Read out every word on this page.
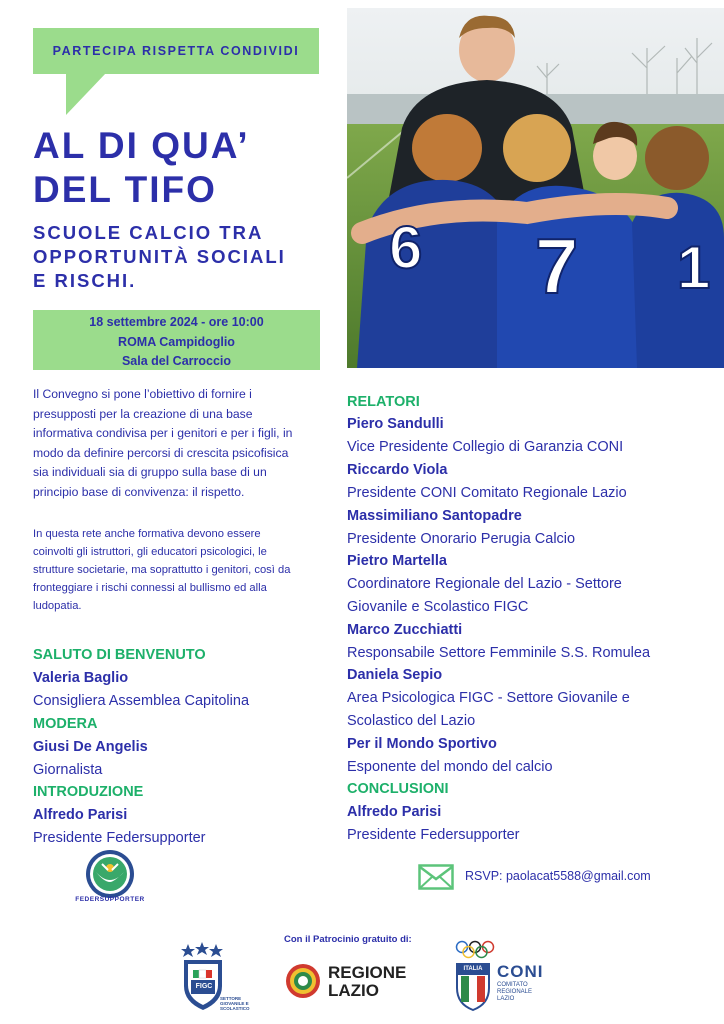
PARTECIPA RISPETTA CONDIVIDI
AL DI QUA’
DEL TIFO
SCUOLE CALCIO TRA
OPPORTUNITÀ SOCIALI
E RISCHI.
18 settembre 2024 - ore 10:00
ROMA Campidoglio
Sala del Carroccio
6 7 1
Il Convegno si pone l’obiettivo di fornire i presupposti per la creazione di una base informativa condivisa per i genitori e per i figli, in modo da definire percorsi di crescita psicofisica sia individuali sia di gruppo sulla base di un principio base di convivenza: il rispetto.
In questa rete anche formativa devono essere coinvolti gli istruttori, gli educatori psicologici, le strutture societarie, ma soprattutto i genitori, così da fronteggiare i rischi connessi al bullismo ed alla ludopatia.
SALUTO DI BENVENUTO
Valeria Baglio
Consigliera Assemblea Capitolina
MODERA
Giusi De Angelis
Giornalista
INTRODUZIONE
Alfredo Parisi
Presidente Federsupporter
RELATORI
Piero Sandulli
Vice Presidente Collegio di Garanzia CONI
Riccardo Viola
Presidente CONI Comitato Regionale Lazio
Massimiliano Santopadre
Presidente Onorario Perugia Calcio
Pietro Martella
Coordinatore Regionale del Lazio - Settore
Giovanile e Scolastico FIGC
Marco Zucchiatti
Responsabile Settore Femminile S.S. Romulea
Daniela Sepio
Area Psicologica FIGC - Settore Giovanile e
Scolastico del Lazio
Per il Mondo Sportivo
Esponente del mondo del calcio
CONCLUSIONI
Alfredo Parisi
Presidente Federsupporter
FEDERSUPPORTER
RSVP: paolacat5588@gmail.com
Con il Patrocinio gratuito di:
FIGC
SETTORE GIOVANILE E SCOLASTICO
REGIONE
LAZIO
ITALIA CONI
COMITATO
REGIONALE
LAZIO
